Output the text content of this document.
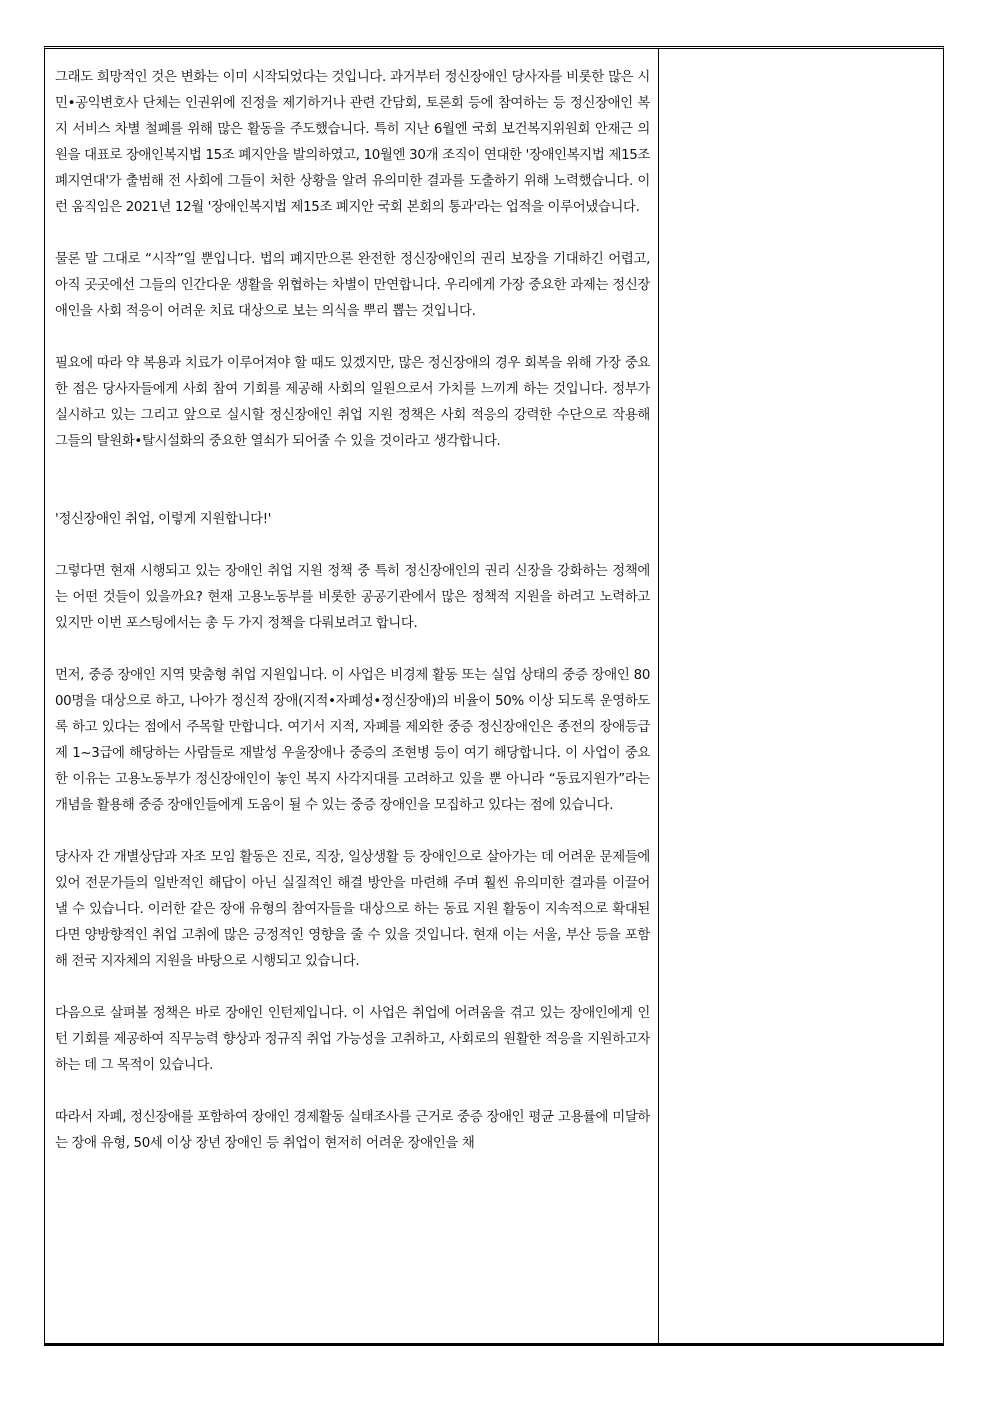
그래도 희망적인 것은 변화는 이미 시작되었다는 것입니다. 과거부터 정신장애인 당사자를 비롯한 많은 시민•공익변호사 단체는 인권위에 진정을 제기하거나 관련 간담회, 토론회 등에 참여하는 등 정신장애인 복지 서비스 차별 철폐를 위해 많은 활동을 주도했습니다. 특히 지난 6월엔 국회 보건복지위원회 안재근 의원을 대표로 장애인복지법 15조 폐지안을 발의하였고, 10월엔 30개 조직이 연대한 '장애인복지법 제15조 폐지연대'가 출범해 전 사회에 그들이 처한 상황을 알려 유의미한 결과를 도출하기 위해 노력했습니다. 이런 움직임은 2021년 12월 '장애인복지법 제15조 폐지안 국회 본회의 통과'라는 업적을 이루어냈습니다.

물론 말 그대로 “시작”일 뿐입니다. 법의 폐지만으론 완전한 정신장애인의 권리 보장을 기대하긴 어렵고, 아직 곳곳에선 그들의 인간다운 생활을 위협하는 차별이 만연합니다. 우리에게 가장 중요한 과제는 정신장애인을 사회 적응이 어려운 치료 대상으로 보는 의식을 뿌리 뽑는 것입니다.

필요에 따라 약 복용과 치료가 이루어져야 할 때도 있겠지만, 많은 정신장애의 경우 회복을 위해 가장 중요한 점은 당사자들에게 사회 참여 기회를 제공해 사회의 일원으로서 가치를 느끼게 하는 것입니다. 정부가 실시하고 있는 그리고 앞으로 실시할 정신장애인 취업 지원 정책은 사회 적응의 강력한 수단으로 작용해 그들의 탈원화•탈시설화의 중요한 열쇠가 되어줄 수 있을 것이라고 생각합니다.

'정신장애인 취업, 이렇게 지원합니다!'

그렇다면 현재 시행되고 있는 장애인 취업 지원 정책 중 특히 정신장애인의 권리 신장을 강화하는 정책에는 어떤 것들이 있을까요? 현재 고용노동부를 비롯한 공공기관에서 많은 정책적 지원을 하려고 노력하고 있지만 이번 포스팅에서는 총 두 가지 정책을 다뤄보려고 합니다.

먼저, 중증 장애인 지역 맞춤형 취업 지원입니다. 이 사업은 비경제 활동 또는 실업 상태의 중증 장애인 8000명을 대상으로 하고, 나아가 정신적 장애(지적•자폐성•정신장애)의 비율이 50% 이상 되도록 운영하도록 하고 있다는 점에서 주목할 만합니다. 여기서 지적, 자폐를 제외한 중증 정신장애인은 종전의 장애등급제 1~3급에 해당하는 사람들로 재발성 우울장애나 중증의 조현병 등이 여기 해당합니다. 이 사업이 중요한 이유는 고용노동부가 정신장애인이 놓인 복지 사각지대를 고려하고 있을 뿐 아니라 “동료지원가”라는 개념을 활용해 중증 장애인들에게 도움이 될 수 있는 중증 장애인을 모집하고 있다는 점에 있습니다.

당사자 간 개별상담과 자조 모임 활동은 진로, 직장, 일상생활 등 장애인으로 살아가는 데 어려운 문제들에 있어 전문가들의 일반적인 해답이 아닌 실질적인 해결 방안을 마련해 주며 훨씬 유의미한 결과를 이끌어 낼 수 있습니다. 이러한 같은 장애 유형의 참여자들을 대상으로 하는 동료 지원 활동이 지속적으로 확대된다면 양방향적인 취업 고취에 많은 긍정적인 영향을 줄 수 있을 것입니다. 현재 이는 서울, 부산 등을 포함해 전국 지자체의 지원을 바탕으로 시행되고 있습니다.

다음으로 살펴볼 정책은 바로 장애인 인턴제입니다. 이 사업은 취업에 어려움을 겪고 있는 장애인에게 인턴 기회를 제공하여 직무능력 향상과 정규직 취업 가능성을 고취하고, 사회로의 원활한 적응을 지원하고자 하는 데 그 목적이 있습니다.

따라서 자폐, 정신장애를 포함하여 장애인 경제활동 실태조사를 근거로 중증 장애인 평균 고용률에 미달하는 장애 유형, 50세 이상 장년 장애인 등 취업이 현저히 어려운 장애인을 채
